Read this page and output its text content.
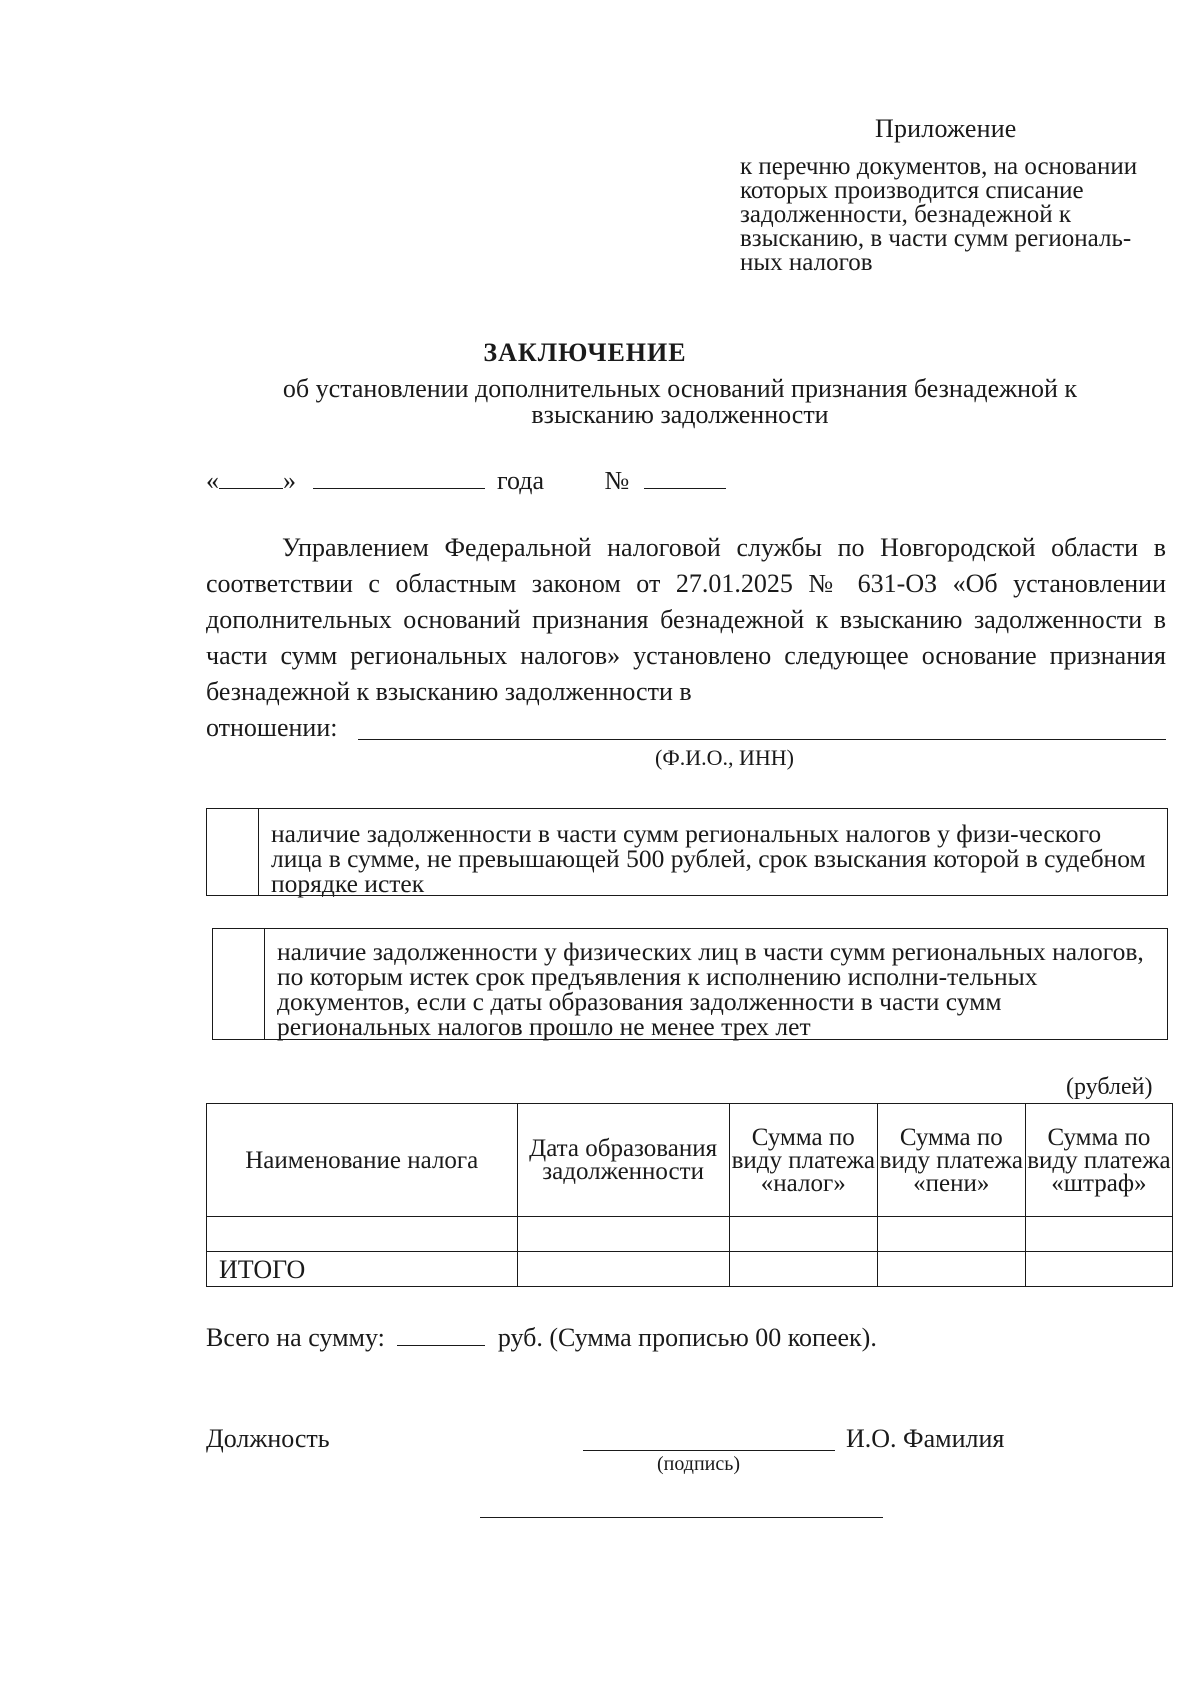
Приложение
к перечню документов, на основании которых производится списание задолженности, безнадежной к взысканию, в части сумм региональ-ных налогов
ЗАКЛЮЧЕНИЕ
об установлении дополнительных оснований признания безнадежной к взысканию задолженности
« »	года №
Управлением Федеральной налоговой службы по Новгородской области в соответствии с областным законом от 27.01.2025 № 631-ОЗ «Об установлении дополнительных оснований признания безнадежной к взысканию задолженности в части сумм региональных налогов» установлено следующее основание признания безнадежной к взысканию задолженности в
отношении:
(Ф.И.О., ИНН)
наличие задолженности в части сумм региональных налогов у физи-ческого лица в сумме, не превышающей 500 рублей, срок взыскания которой в судебном порядке истек
наличие задолженности у физических лиц в части сумм региональных налогов, по которым истек срок предъявления к исполнению исполни-тельных документов, если с даты образования задолженности в части сумм региональных налогов прошло не менее трех лет
(рублей)
Наименование налога	Дата образования задолженности	Сумма по виду платежа «налог»	Сумма по виду платежа «пени»	Сумма по виду платежа «штраф»

ИТОГО				
Всего на сумму:	руб. (Сумма прописью 00 копеек).
Должность	И.О. Фамилия
(подпись)
